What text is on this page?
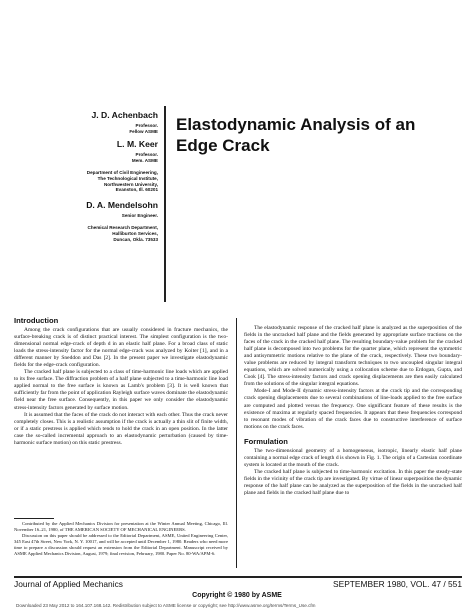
J. D. Achenbach
Professor.
Fellow ASME
L. M. Keer
Professor.
Mem. ASME
Department of Civil Engineering,
The Technological Institute,
Northwestern University,
Evanston, Ill. 60201
D. A. Mendelsohn
Senior Engineer.
Chemical Research Department,
Halliburton Services,
Duncan, Okla. 73533
Elastodynamic Analysis of an
Edge Crack
Introduction

Among the crack configurations that are usually considered in fracture mechanics, the surface-breaking crack is of distinct practical interest. The simplest configuration is the two-dimensional normal edge-crack of depth d in an elastic half plane. For a broad class of static loads the stress-intensity factor for the normal edge-crack was analyzed by Koiter [1], and in a different manner by Sneddon and Das [2]. In the present paper we investigate elastodynamic fields for the edge-crack configuration.

The cracked half plane is subjected to a class of time-harmonic line loads which are applied to its free surface. The diffraction problem of a half plane subjected to a time-harmonic line load applied normal to the free surface is known as Lamb's problem [3]. It is well known that sufficiently far from the point of application Rayleigh surface waves dominate the elastodynamic field near the free surface. Consequently, in this paper we only consider the elastodynamic stress-intensity factors generated by surface motion.

It is assumed that the faces of the crack do not interact with each other. Thus the crack never completely closes. This is a realistic assumption if the crack is actually a thin slit of finite width, or if a static prestress is applied which tends to hold the crack in an open position. In the latter case the so-called incremental approach to an elastodynamic perturbation (caused by time-harmonic surface motion) on this static prestress.

Contributed by the Applied Mechanics Division for presentation at the Winter Annual Meeting, Chicago, Ill. November 16–21, 1980, of THE AMERICAN SOCIETY OF MECHANICAL ENGINEERS.

Discussion on this paper should be addressed to the Editorial Department, ASME, United Engineering Center, 345 East 47th Street, New York, N. Y. 10017, and will be accepted until December 1, 1980. Readers who need more time to prepare a discussion should request an extension from the Editorial Department. Manuscript received by ASME Applied Mechanics Division, August, 1979; final revision, February, 1980. Paper No. 80-WA/APM-6.

The elastodynamic response of the cracked half plane is analyzed as the superposition of the fields in the uncracked half plane and the fields generated by appropriate surface tractions on the faces of the crack in the cracked half plane. The resulting boundary-value problem for the cracked half plane is decomposed into two problems for the quarter plane, which represent the symmetric and antisymmetric motions relative to the plane of the crack, respectively. These two boundary-value problems are reduced by integral transform techniques to two uncoupled singular integral equations, which are solved numerically using a collocation scheme due to Erdogan, Gupta, and Cook [4]. The stress-intensity factors and crack opening displacements are then easily calculated from the solutions of the singular integral equations.

Mode-I and Mode-II dynamic stress-intensity factors at the crack tip and the corresponding crack opening displacements due to several combinations of line-loads applied to the free surface are computed and plotted versus the frequency. One significant feature of these results is the existence of maxima at regularly spaced frequencies. It appears that these frequencies correspond to resonant modes of vibration of the crack faces due to constructive interference of surface motions on the crack faces.

Formulation

The two-dimensional geometry of a homogeneous, isotropic, linearly elastic half plane containing a normal edge crack of length d is shown in Fig. 1. The origin of a Cartesian coordinate system is located at the mouth of the crack.

The cracked half plane is subjected to time-harmonic excitation. In this paper the steady-state fields in the vicinity of the crack tip are investigated. By virtue of linear superposition the dynamic response of the half plane can be analyzed as the superposition of the fields in the uncracked half plane and fields in the cracked half plane due to

Journal of Applied Mechanics	SEPTEMBER 1980, VOL. 47 / 551
Copyright © 1980 by ASME
Downloaded 23 May 2012 to 164.107.168.142. Redistribution subject to ASME license or copyright; see http://www.asme.org/terms/Terms_Use.cfm
